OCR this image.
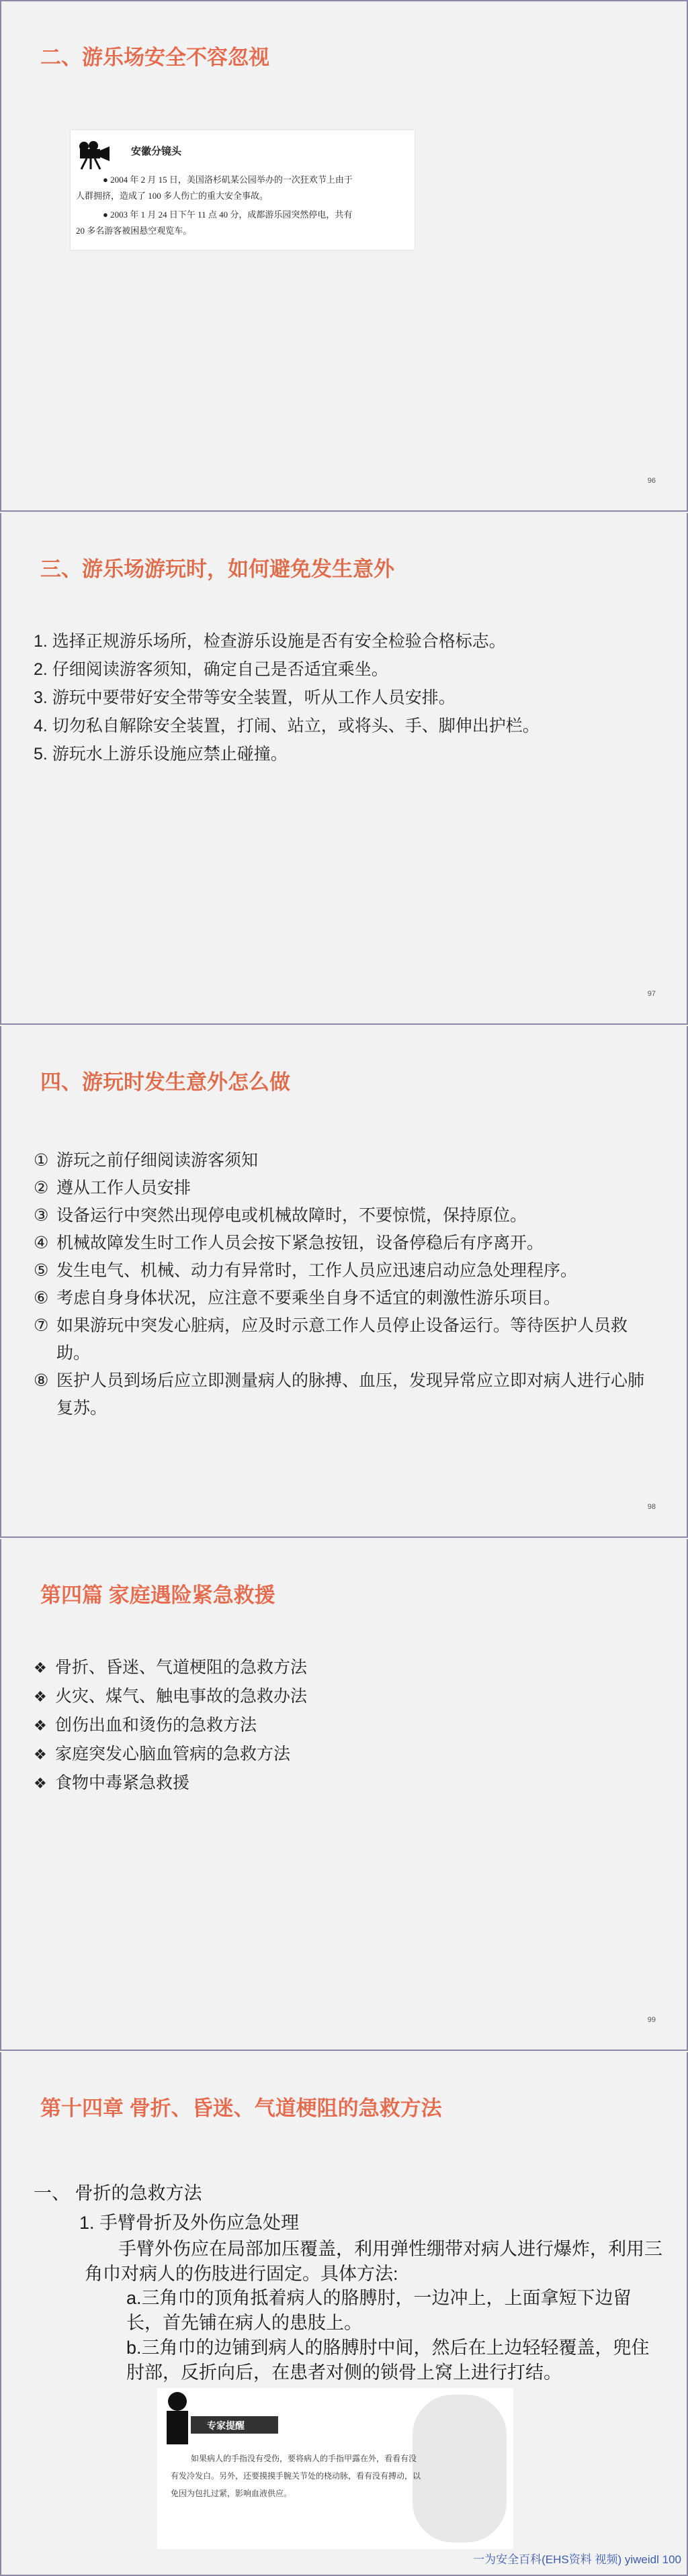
二、游乐场安全不容忽视
安徽分镜头
● 2004 年 2 月 15 日，美国洛杉矶某公园举办的一次狂欢节上由于
人群拥挤，造成了 100 多人伤亡的重大安全事故。
● 2003 年 1 月 24 日下午 11 点 40 分，成都游乐园突然停电，共有
20 多名游客被困悬空观览车。
96
三、游乐场游玩时，如何避免发生意外
1. 选择正规游乐场所，检查游乐设施是否有安全检验合格标志。
2. 仔细阅读游客须知，确定自己是否适宜乘坐。
3. 游玩中要带好安全带等安全装置，听从工作人员安排。
4. 切勿私自解除安全装置，打闹、站立，或将头、手、脚伸出护栏。
5. 游玩水上游乐设施应禁止碰撞。
97
四、游玩时发生意外怎么做
① 游玩之前仔细阅读游客须知
② 遵从工作人员安排
③ 设备运行中突然出现停电或机械故障时，不要惊慌，保持原位。
④ 机械故障发生时工作人员会按下紧急按钮，设备停稳后有序离开。
⑤ 发生电气、机械、动力有异常时，工作人员应迅速启动应急处理程序。
⑥ 考虑自身身体状况，应注意不要乘坐自身不适宜的刺激性游乐项目。
⑦ 如果游玩中突发心脏病，应及时示意工作人员停止设备运行。等待医护人员救助。
⑧ 医护人员到场后应立即测量病人的脉搏、血压，发现异常应立即对病人进行心肺复苏。
98
第四篇 家庭遇险紧急救援
❖ 骨折、昏迷、气道梗阻的急救方法
❖ 火灾、煤气、触电事故的急救办法
❖ 创伤出血和烫伤的急救方法
❖ 家庭突发心脑血管病的急救方法
❖ 食物中毒紧急救援
99
第十四章 骨折、昏迷、气道梗阻的急救方法
一、 骨折的急救方法
1. 手臂骨折及外伤应急处理
手臂外伤应在局部加压覆盖，利用弹性绷带对病人进行爆炸，利用三角巾对病人的伤肢进行固定。具体方法:
a.三角巾的顶角抵着病人的胳膊肘，一边冲上，上面拿短下边留长，首先铺在病人的患肢上。
b.三角巾的边铺到病人的胳膊肘中间，然后在上边轻轻覆盖，兜住肘部，反折向后，在患者对侧的锁骨上窝上进行打结。
专家提醒
如果病人的手指没有受伤，要将病人的手指甲露在外，看看有没
有发冷发白。另外，还要摸摸手腕关节处的桡动脉，看有没有搏动，以
免因为包扎过紧，影响血液供应。
一为安全百科(EHS资料 视频) yiweidl 100
